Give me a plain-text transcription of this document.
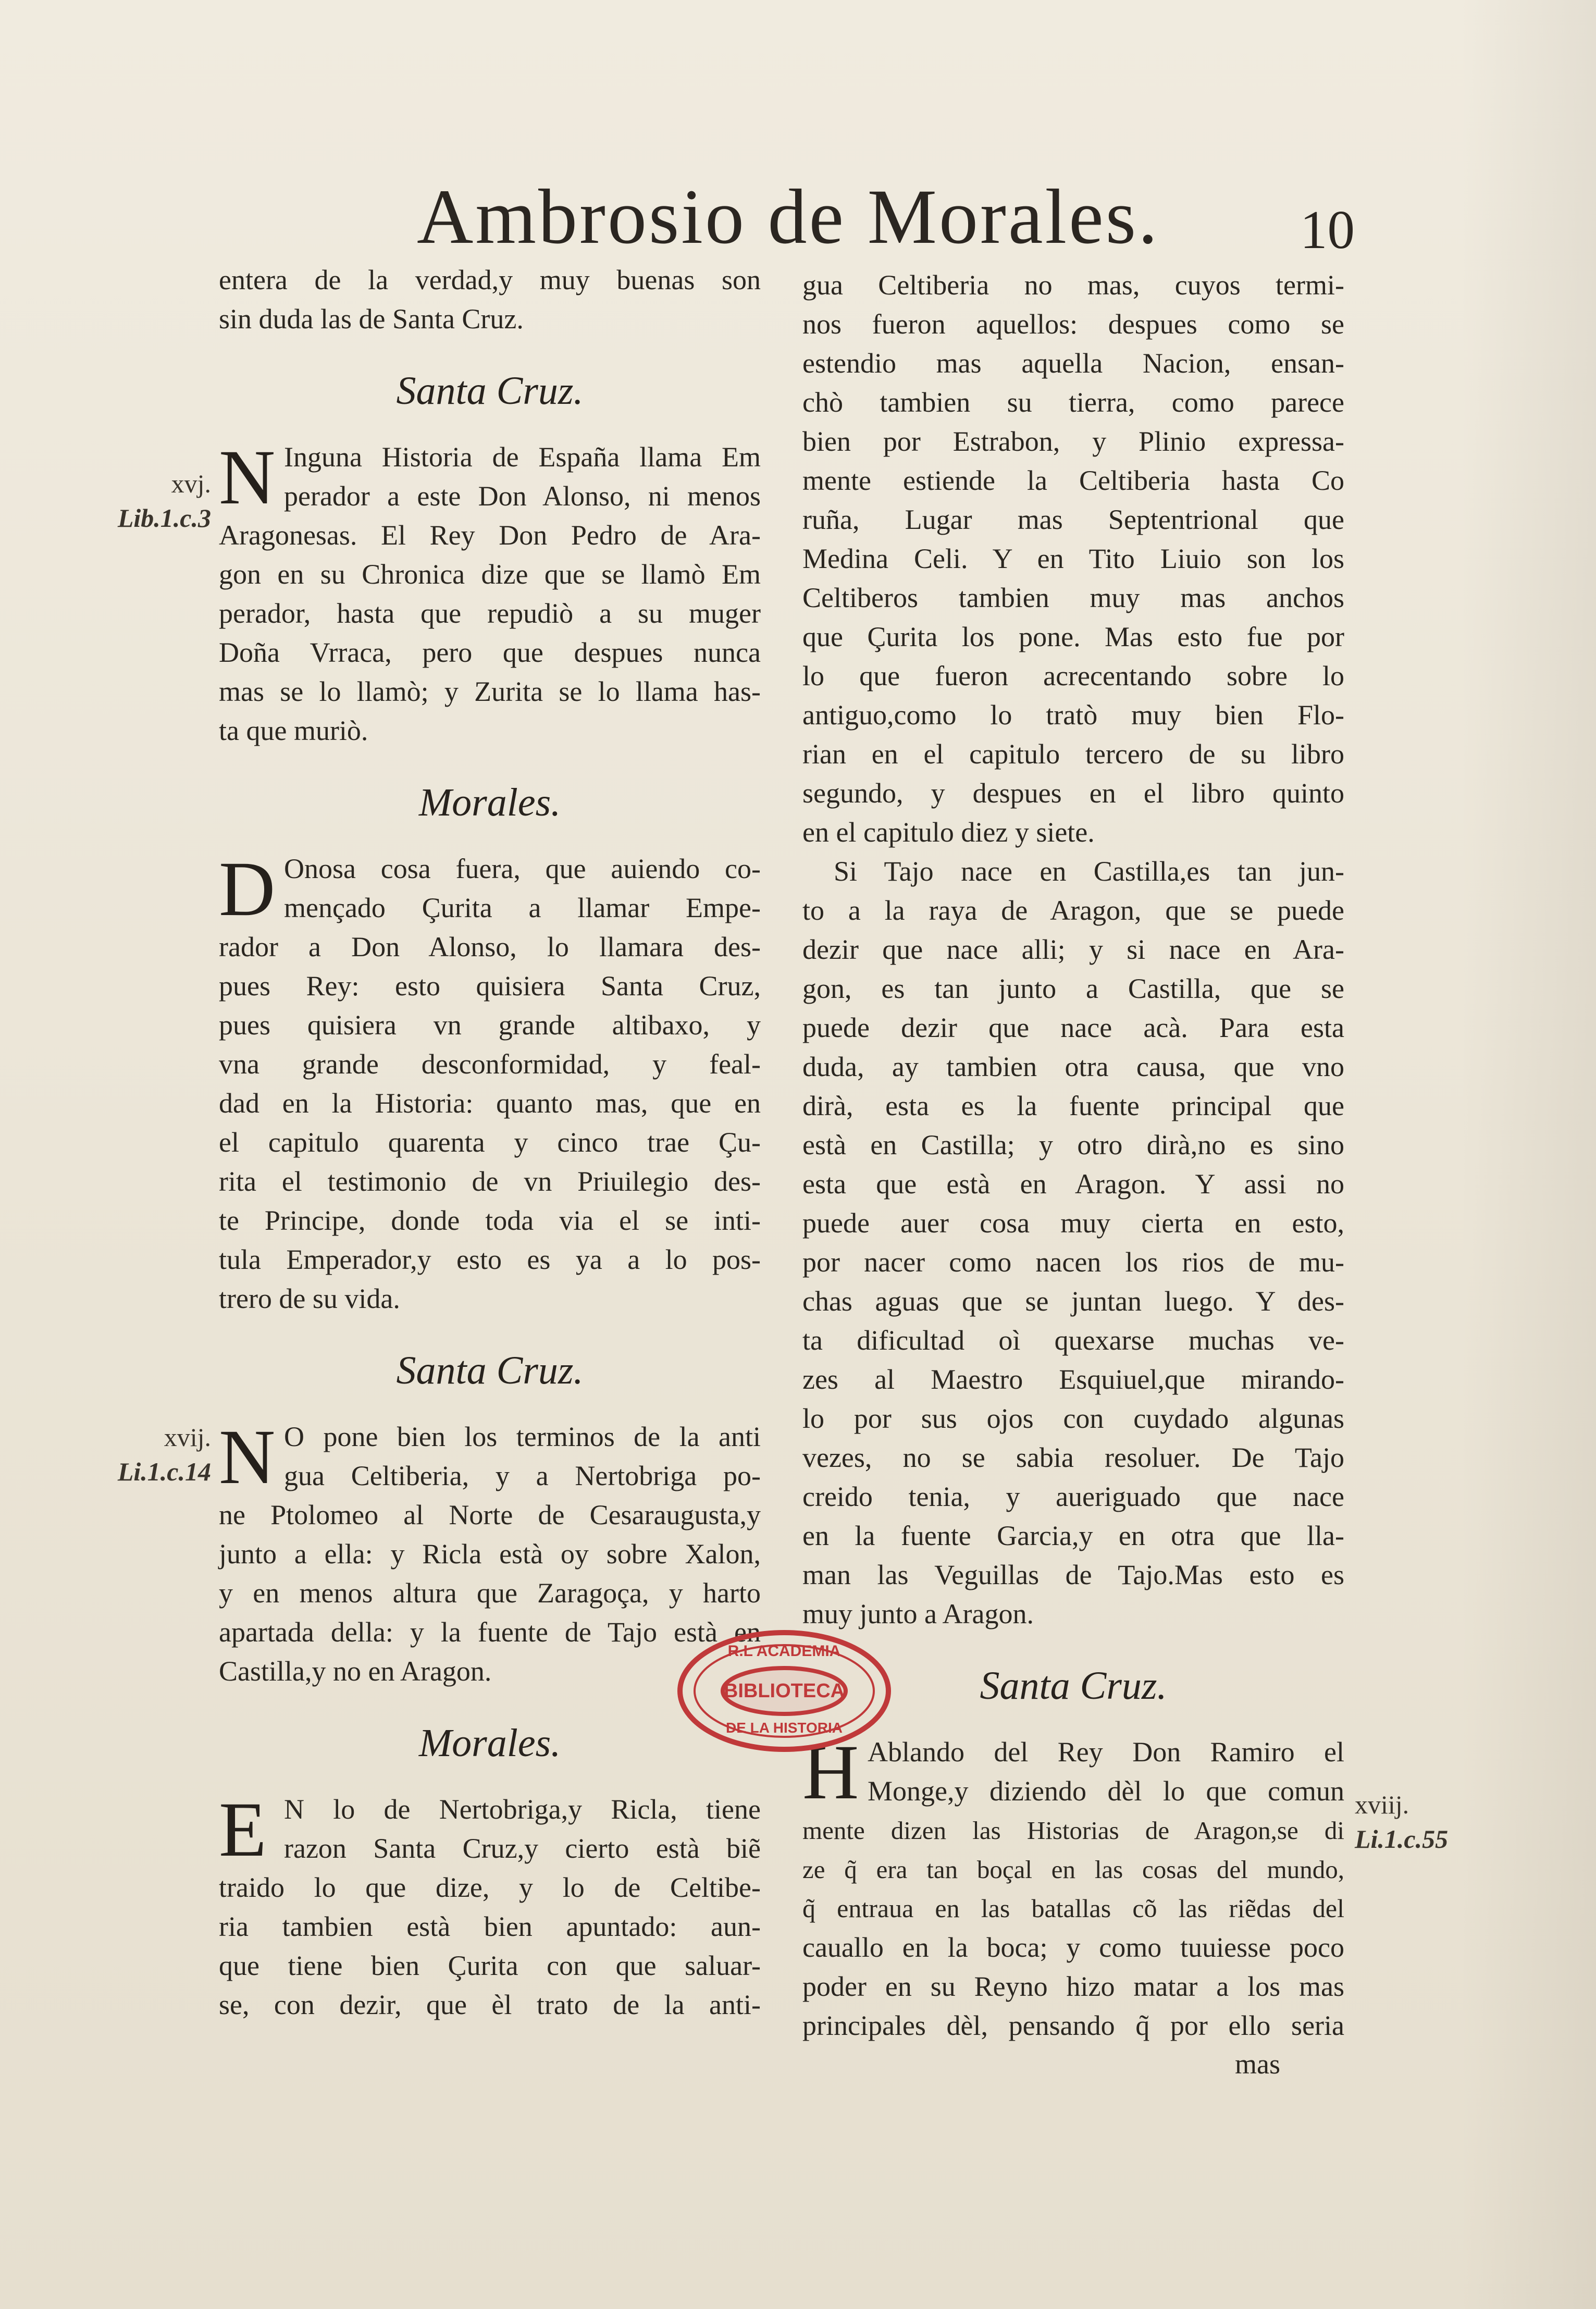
Ambrosio de Morales.	10
entera de la verdad,y muy buenas son
sin duda las de Santa Cruz.
Santa Cruz.
N Inguna Historia de España llama Em
perador a este Don Alonso, ni menos
Aragonesas. El Rey Don Pedro de Ara-
gon en su Chronica dize que se llamò Em
perador, hasta que repudiò a su muger
Doña Vrraca, pero que despues nunca
mas se lo llamò; y Zurita se lo llama has-
ta que muriò.
Morales.
D Onosa cosa fuera, que auiendo co-
mençado Çurita a llamar Empe-
rador a Don Alonso, lo llamara des-
pues Rey: esto quisiera Santa Cruz,
pues quisiera vn grande altibaxo, y
vna grande desconformidad, y feal-
dad en la Historia: quanto mas, que en
el capitulo quarenta y cinco trae Çu-
rita el testimonio de vn Priuilegio des-
te Principe, donde toda via el se inti-
tula Emperador,y esto es ya a lo pos-
trero de su vida.
Santa Cruz.
N O pone bien los terminos de la anti
gua Celtiberia, y a Nertobriga po-
ne Ptolomeo al Norte de Cesaraugusta,y
junto a ella: y Ricla està oy sobre Xalon,
y en menos altura que Zaragoça, y harto
apartada della: y la fuente de Tajo està en
Castilla,y no en Aragon.
Morales.
E N lo de Nertobriga,y Ricla, tiene
razon Santa Cruz,y cierto està biẽ
traido lo que dize, y lo de Celtibe-
ria tambien està bien apuntado: aun-
que tiene bien Çurita con que saluar-
se, con dezir, que èl trato de la anti-
xvj.
Lib.1.c.3
xvij.
Li.1.c.14
gua Celtiberia no mas, cuyos termi-
nos fueron aquellos: despues como se
estendio mas aquella Nacion, ensan-
chò tambien su tierra, como parece
bien por Estrabon, y Plinio expressa-
mente estiende la Celtiberia hasta Co
ruña, Lugar mas Septentrional que
Medina Celi. Y en Tito Liuio son los
Celtiberos tambien muy mas anchos
que Çurita los pone. Mas esto fue por
lo que fueron acrecentando sobre lo
antiguo,como lo tratò muy bien Flo-
rian en el capitulo tercero de su libro
segundo, y despues en el libro quinto
en el capitulo diez y siete.
Si Tajo nace en Castilla,es tan jun-
to a la raya de Aragon, que se puede
dezir que nace alli; y si nace en Ara-
gon, es tan junto a Castilla, que se
puede dezir que nace acà. Para esta
duda, ay tambien otra causa, que vno
dirà, esta es la fuente principal que
està en Castilla; y otro dirà,no es sino
esta que està en Aragon. Y assi no
puede auer cosa muy cierta en esto,
por nacer como nacen los rios de mu-
chas aguas que se juntan luego. Y des-
ta dificultad oì quexarse muchas ve-
zes al Maestro Esquiuel,que mirando-
lo por sus ojos con cuydado algunas
vezes, no se sabia resoluer. De Tajo
creido tenia, y aueriguado que nace
en la fuente Garcia,y en otra que lla-
man las Veguillas de Tajo.Mas esto es
muy junto a Aragon.
Santa Cruz.
H Ablando del Rey Don Ramiro el
Monge,y diziendo dèl lo que comun
mente dizen las Historias de Aragon,se di
ze q̃ era tan boçal en las cosas del mundo,
q̃ entraua en las batallas cõ las riẽdas del
cauallo en la boca; y como tuuiesse poco
poder en su Reyno hizo matar a los mas
principales dèl, pensando q̃ por ello seria
xviij.
Li.1.c.55
mas
R.L ACADEMIA
BIBLIOTECA
DE LA HISTORIA
